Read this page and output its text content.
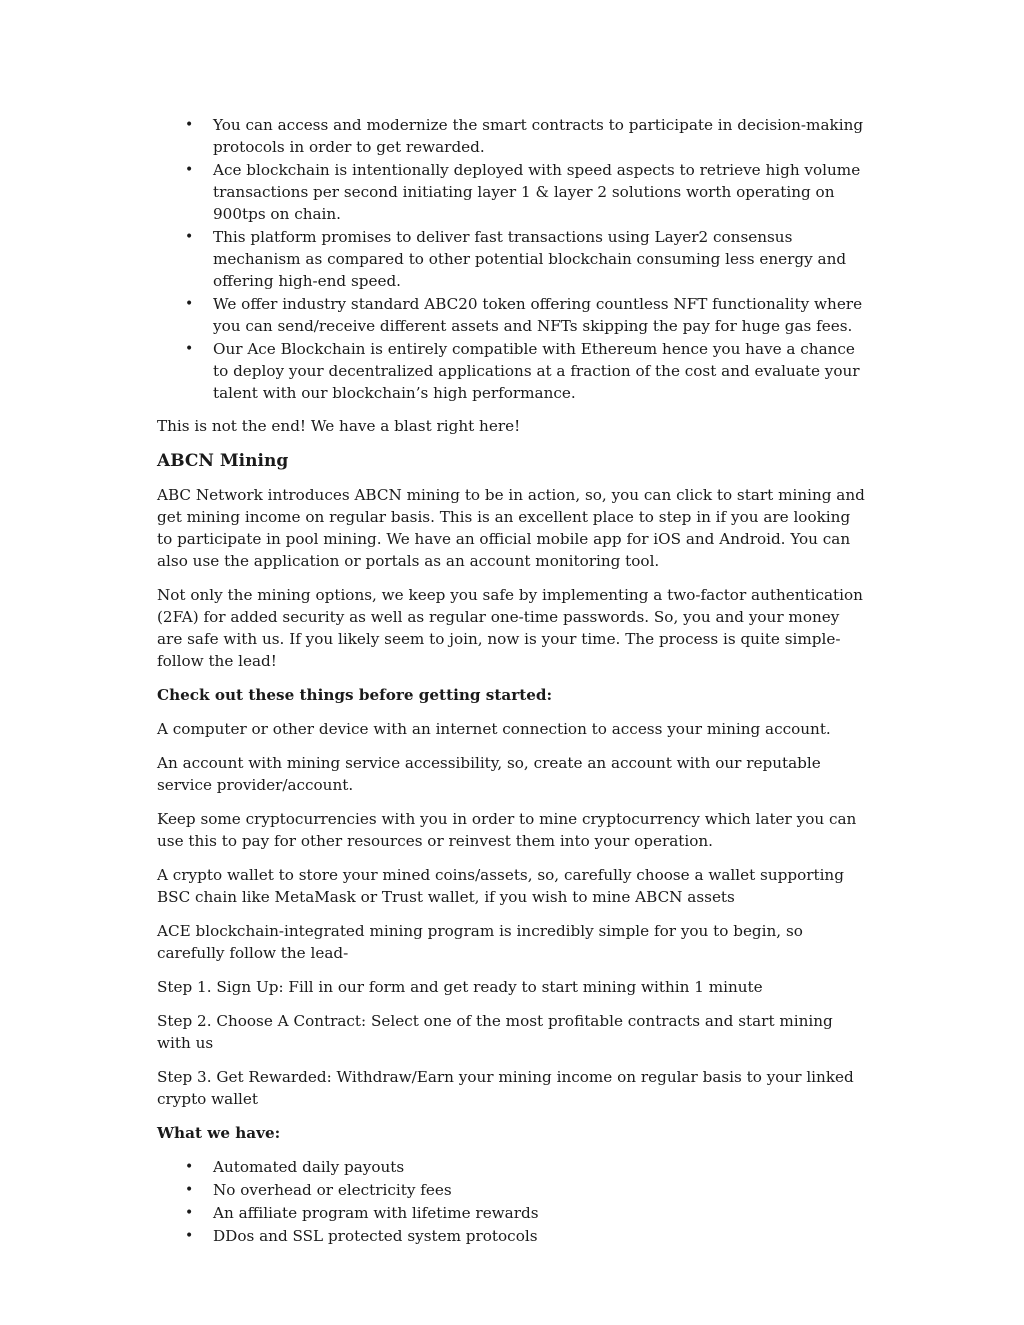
• You can access and modernize the smart contracts to participate in decision-making protocols in order to get rewarded.
• Ace blockchain is intentionally deployed with speed aspects to retrieve high volume transactions per second initiating layer 1 & layer 2 solutions worth operating on 900tps on chain.
• This platform promises to deliver fast transactions using Layer2 consensus mechanism as compared to other potential blockchain consuming less energy and offering high-end speed.
• We offer industry standard ABC20 token offering countless NFT functionality where you can send/receive different assets and NFTs skipping the pay for huge gas fees.
• Our Ace Blockchain is entirely compatible with Ethereum hence you have a chance to deploy your decentralized applications at a fraction of the cost and evaluate your talent with our blockchain’s high performance.

This is not the end! We have a blast right here!

ABCN Mining

ABC Network introduces ABCN mining to be in action, so, you can click to start mining and get mining income on regular basis. This is an excellent place to step in if you are looking to participate in pool mining. We have an official mobile app for iOS and Android. You can also use the application or portals as an account monitoring tool.

Not only the mining options, we keep you safe by implementing a two-factor authentication (2FA) for added security as well as regular one-time passwords. So, you and your money are safe with us. If you likely seem to join, now is your time. The process is quite simple- follow the lead!

Check out these things before getting started:

A computer or other device with an internet connection to access your mining account.

An account with mining service accessibility, so, create an account with our reputable service provider/account.

Keep some cryptocurrencies with you in order to mine cryptocurrency which later you can use this to pay for other resources or reinvest them into your operation.

A crypto wallet to store your mined coins/assets, so, carefully choose a wallet supporting BSC chain like MetaMask or Trust wallet, if you wish to mine ABCN assets

ACE blockchain-integrated mining program is incredibly simple for you to begin, so carefully follow the lead-

Step 1. Sign Up: Fill in our form and get ready to start mining within 1 minute

Step 2. Choose A Contract: Select one of the most profitable contracts and start mining with us

Step 3. Get Rewarded: Withdraw/Earn your mining income on regular basis to your linked crypto wallet

What we have:

• Automated daily payouts
• No overhead or electricity fees
• An affiliate program with lifetime rewards
• DDos and SSL protected system protocols
